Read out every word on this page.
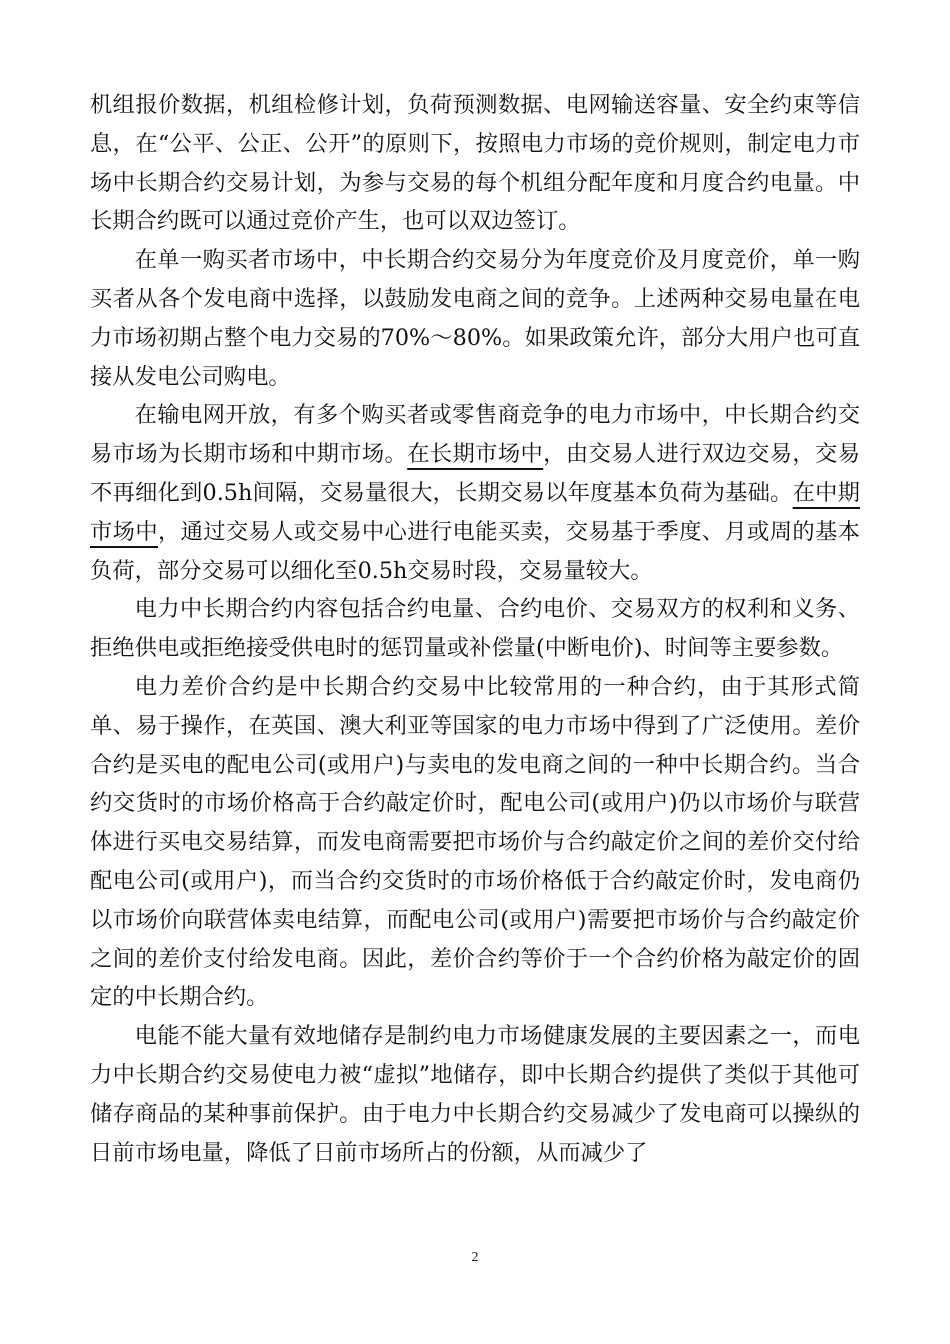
机组报价数据，机组检修计划，负荷预测数据、电网输送容量、安全约束等信息，在“公平、公正、公开”的原则下，按照电力市场的竞价规则，制定电力市场中长期合约交易计划，为参与交易的每个机组分配年度和月度合约电量。中长期合约既可以通过竞价产生，也可以双边签订。

在单一购买者市场中，中长期合约交易分为年度竞价及月度竞价，单一购买者从各个发电商中选择，以鼓励发电商之间的竞争。上述两种交易电量在电力市场初期占整个电力交易的70%～80%。如果政策允许，部分大用户也可直接从发电公司购电。

在输电网开放，有多个购买者或零售商竞争的电力市场中，中长期合约交易市场为长期市场和中期市场。在长期市场中，由交易人进行双边交易，交易不再细化到0.5h间隔，交易量很大，长期交易以年度基本负荷为基础。在中期市场中，通过交易人或交易中心进行电能买卖，交易基于季度、月或周的基本负荷，部分交易可以细化至0.5h交易时段，交易量较大。

电力中长期合约内容包括合约电量、合约电价、交易双方的权利和义务、拒绝供电或拒绝接受供电时的惩罚量或补偿量(中断电价)、时间等主要参数。

电力差价合约是中长期合约交易中比较常用的一种合约，由于其形式简单、易于操作，在英国、澳大利亚等国家的电力市场中得到了广泛使用。差价合约是买电的配电公司(或用户)与卖电的发电商之间的一种中长期合约。当合约交货时的市场价格高于合约敲定价时，配电公司(或用户)仍以市场价与联营体进行买电交易结算，而发电商需要把市场价与合约敲定价之间的差价交付给配电公司(或用户)，而当合约交货时的市场价格低于合约敲定价时，发电商仍以市场价向联营体卖电结算，而配电公司(或用户)需要把市场价与合约敲定价之间的差价支付给发电商。因此，差价合约等价于一个合约价格为敲定价的固定的中长期合约。

电能不能大量有效地储存是制约电力市场健康发展的主要因素之一，而电力中长期合约交易使电力被“虚拟”地储存，即中长期合约提供了类似于其他可储存商品的某种事前保护。由于电力中长期合约交易减少了发电商可以操纵的日前市场电量，降低了日前市场所占的份额，从而减少了

2
